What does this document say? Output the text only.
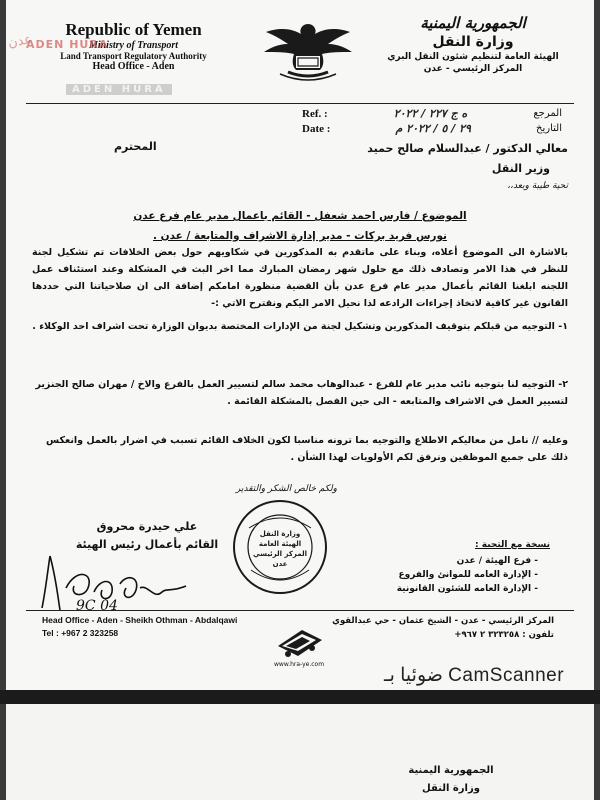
Republic of Yemen
Ministry of Transport
Land Transport Regulatory Authority
Head Office - Aden
عدن
ADEN HURA
ADEN HURA
الجمهورية اليمنية
وزارة النقل
الهيئة العامة لتنظيم شئون النقل البري
المركز الرئيسي - عدن
المرجع
ه ج ٢٢٧ / ٢٠٢٢
Ref. :
التاريخ
٢٩ / ٥ / ٢٠٢٢ م
Date :
معالي الدكتور / عبدالسلام صالح حميد
المحترم
وزير النقل
تحية طيبة وبعد،،
الموضوع / فارس احمد شعفل - القائم باعمال مدير عام فرع عدن
نورس فريد بركات - مدير إدارة الاشراف والمتابعة / عدن .
بالاشارة الى الموضوع أعلاه، وبناء على ماتقدم به المذكورين في شكاويهم حول بعض الخلافات تم تشكيل لجنة للنظر في هذا الامر وتصادف ذلك مع حلول شهر رمضان المبارك مما اخر البث في المشكلة وعند استئناف عمل اللجنه ابلغنا القائم بأعمال مدير عام فرع عدن بأن القضية منظورة امامكم إضافة الى ان صلاحياتنا التي حددها القانون غير كافية لاتخاذ إجراءات الرادعه لذا نحيل الامر اليكم ونقترح الاتي :-
١- التوجيه من قبلكم بتوقيف المذكورين وتشكيل لجنة من الإدارات المختصة بديوان الوزارة تحت اشراف احد الوكلاء .
٢- التوجيه لنا بتوجيه نائب مدير عام للفرع - عبدالوهاب محمد سالم لتسيير العمل بالفرع والاخ / مهران صالح الجنزير لتسيير العمل في الاشراف والمتابعه - الى حين الفصل بالمشكلة القائمة .
وعليه // نامل من معاليكم الاطلاع والتوجيه بما ترونه مناسبا لكون الخلاف القائم تسبب في اضرار بالعمل وانعكس ذلك على جميع الموظفين ونرفق لكم الأولويات لهذا الشأن .
ولكم خالص الشكر والتقدير
علي حيدرة محروق
القائم بأعمال رئيس الهيئة
9C 04
وزارة النقل
الهيئة العامة
المركز الرئيسي
عدن
نسخة مع التحية :
- فرع الهيئة / عدن
- الإدارة العامه للموانئ والفروع
- الإدارة العامه للشئون القانونية
Head Office - Aden - Sheikh Othman - Abdalqawi
Tel : +967 2 323258
www.hra-ye.com
المركز الرئيسي - عدن - الشيخ عثمان - حي عبدالقوي
تلفون : ٣٢٣٢٥٨ ٢ ٩٦٧+
ضوئيا بـ CamScanner
الجمهورية اليمنية
وزارة النقل
